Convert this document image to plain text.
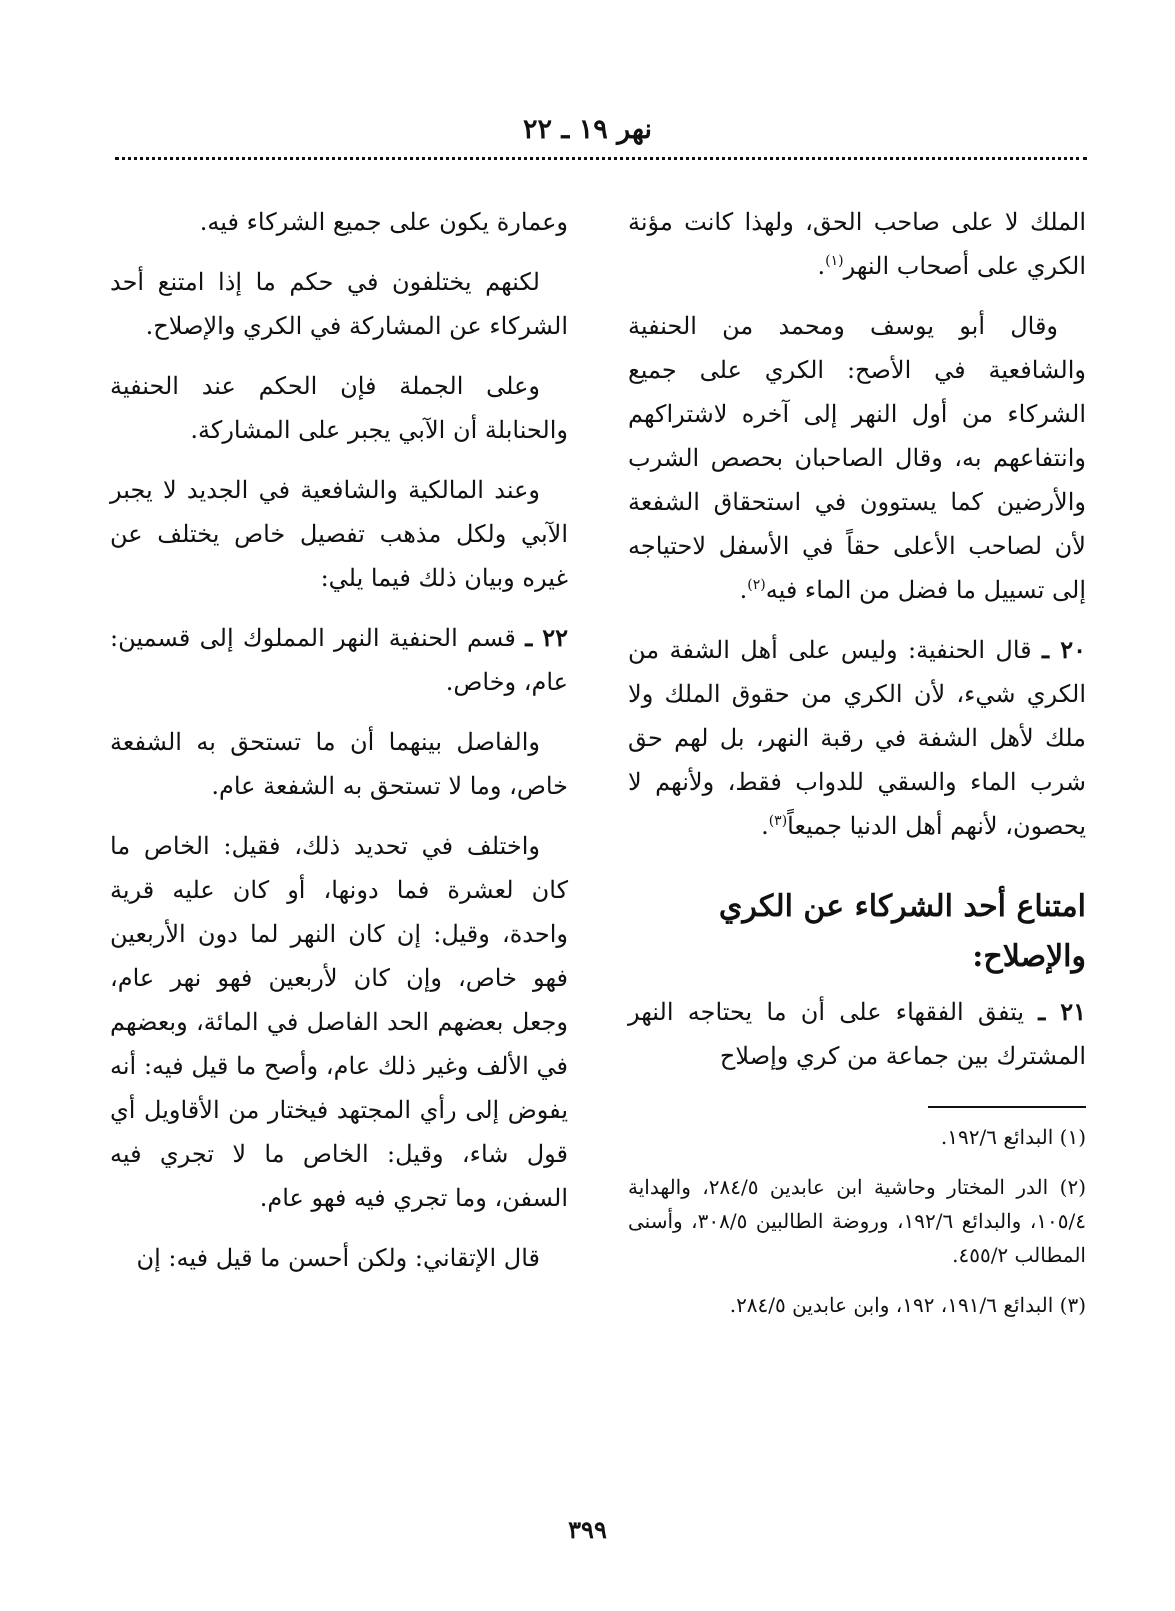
نهر ١٩ ـ ٢٢

الملك لا على صاحب الحق، ولهذا كانت مؤنة الكري على أصحاب النهر$^{(١)}$.

وقال أبو يوسف ومحمد من الحنفية والشافعية في الأصح: الكري على جميع الشركاء من أول النهر إلى آخره لاشتراكهم وانتفاعهم به، وقال الصاحبان بحصص الشرب والأرضين كما يستوون في استحقاق الشفعة لأن لصاحب الأعلى حقاً في الأسفل لاحتياجه إلى تسييل ما فضل من الماء فيه$^{(٢)}$.

٢٠ ـ قال الحنفية: وليس على أهل الشفة من الكري شيء، لأن الكري من حقوق الملك ولا ملك لأهل الشفة في رقبة النهر، بل لهم حق شرب الماء والسقي للدواب فقط، ولأنهم لا يحصون، لأنهم أهل الدنيا جميعاً$^{(٣)}$.

امتناع أحد الشركاء عن الكري والإصلاح:

٢١ ـ يتفق الفقهاء على أن ما يحتاجه النهر المشترك بين جماعة من كري وإصلاح

(١) البدائع ١٩٢/٦.

(٢) الدر المختار وحاشية ابن عابدين ٢٨٤/٥، والهداية ١٠٥/٤، والبدائع ١٩٢/٦، وروضة الطالبين ٣٠٨/٥، وأسنى المطالب ٤٥٥/٢.

(٣) البدائع ١٩١/٦، ١٩٢، وابن عابدين ٢٨٤/٥.

وعمارة يكون على جميع الشركاء فيه.

لكنهم يختلفون في حكم ما إذا امتنع أحد الشركاء عن المشاركة في الكري والإصلاح.

وعلى الجملة فإن الحكم عند الحنفية والحنابلة أن الآبي يجبر على المشاركة.

وعند المالكية والشافعية في الجديد لا يجبر الآبي ولكل مذهب تفصيل خاص يختلف عن غيره وبيان ذلك فيما يلي:

٢٢ ـ قسم الحنفية النهر المملوك إلى قسمين: عام، وخاص.

والفاصل بينهما أن ما تستحق به الشفعة خاص، وما لا تستحق به الشفعة عام.

واختلف في تحديد ذلك، فقيل: الخاص ما كان لعشرة فما دونها، أو كان عليه قرية واحدة، وقيل: إن كان النهر لما دون الأربعين فهو خاص، وإن كان لأربعين فهو نهر عام، وجعل بعضهم الحد الفاصل في المائة، وبعضهم في الألف وغير ذلك عام، وأصح ما قيل فيه: أنه يفوض إلى رأي المجتهد فيختار من الأقاويل أي قول شاء، وقيل: الخاص ما لا تجري فيه السفن، وما تجري فيه فهو عام.

قال الإتقاني: ولكن أحسن ما قيل فيه: إن

٣٩٩
